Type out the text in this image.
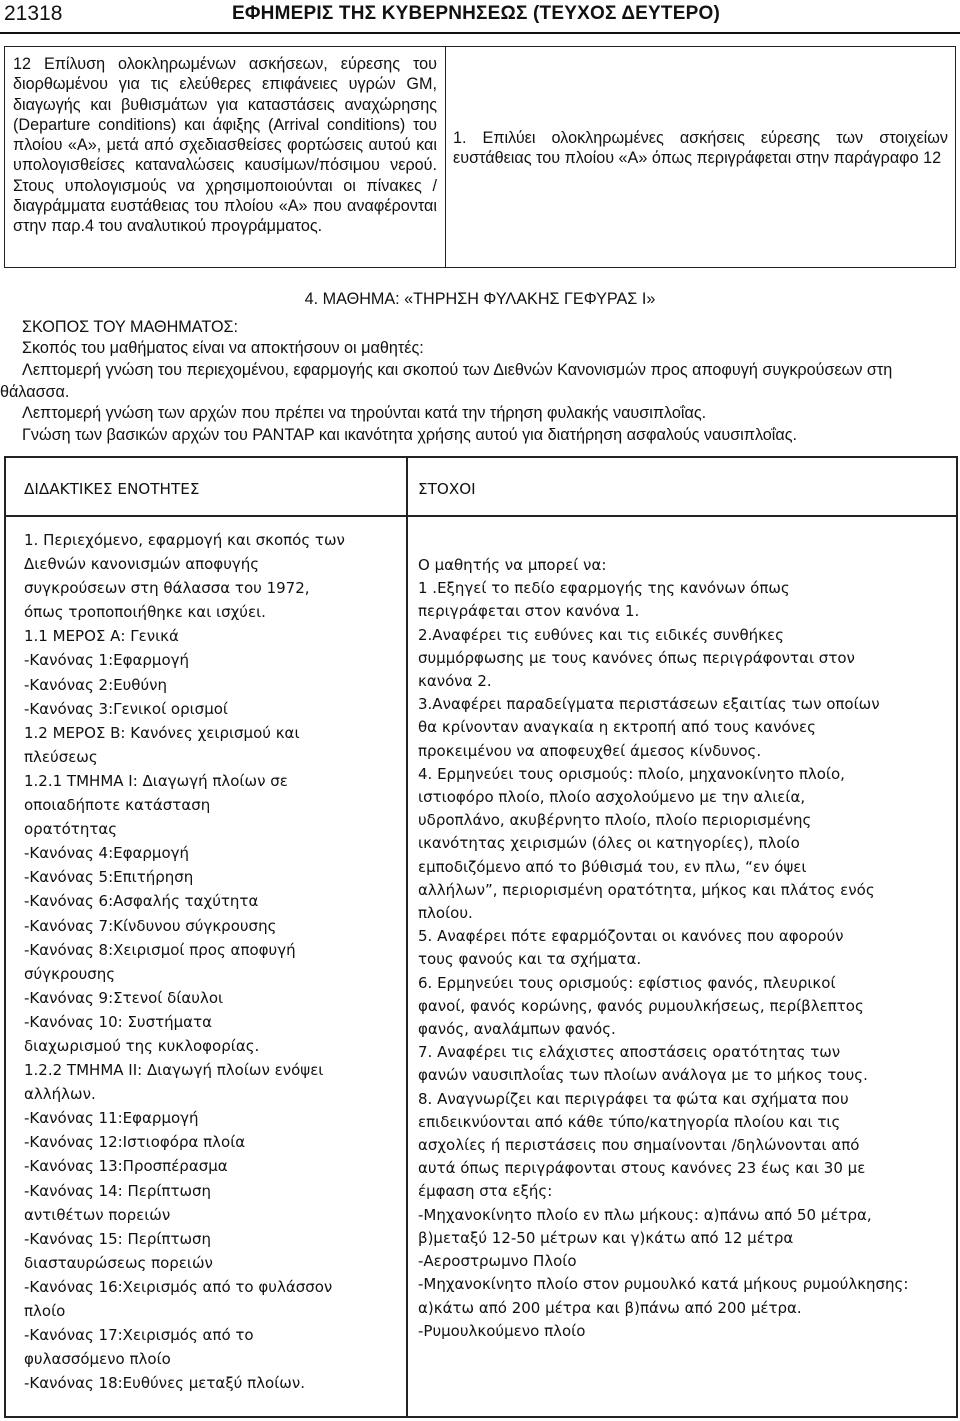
21318	ΕΦΗΜΕΡΙΣ ΤΗΣ ΚΥΒΕΡΝΗΣΕΩΣ (ΤΕΥΧΟΣ ΔΕΥΤΕΡΟ)

12 Επίλυση ολοκληρωμένων ασκήσεων, εύρεσης του διορθωμένου για τις ελεύθερες επιφάνειες υγρών GM, διαγωγής και βυθισμάτων για καταστάσεις αναχώρησης (Departure conditions) και άφιξης (Arrival conditions) του πλοίου «Α», μετά από σχεδιασθείσες φορτώσεις αυτού και υπολογισθείσες καταναλώσεις καυσίμων/πόσιμου νερού. Στους υπολογισμούς να χρησιμοποιούνται οι πίνακες / διαγράμματα ευστάθειας του πλοίου «Α» που αναφέρονται στην παρ.4 του αναλυτικού προγράμματος.

1. Επιλύει ολοκληρωμένες ασκήσεις εύρεσης των στοιχείων ευστάθειας του πλοίου «Α» όπως περιγράφεται στην παράγραφο 12

4. ΜΑΘΗΜΑ: «ΤΗΡΗΣΗ ΦΥΛΑΚΗΣ ΓΕΦΥΡΑΣ Ι»
ΣΚΟΠΟΣ ΤΟΥ ΜΑΘΗΜΑΤΟΣ:

Σκοπός του μαθήματος είναι να αποκτήσουν οι μαθητές:

Λεπτομερή γνώση του περιεχομένου, εφαρμογής και σκοπού των Διεθνών Κανονισμών προς αποφυγή συγκρούσεων στη θάλασσα.

Λεπτομερή γνώση των αρχών που πρέπει να τηρούνται κατά την τήρηση φυλακής ναυσιπλοΐας.

Γνώση των βασικών αρχών του ΡΑΝΤΑΡ και ικανότητα χρήσης αυτού για διατήρηση ασφαλούς ναυσιπλοΐας.

ΔΙΔΑΚΤΙΚΕΣ ΕΝΟΤΗΤΕΣ	ΣΤΟΧΟΙ
1. Περιεχόμενο, εφαρμογή και σκοπός των
Διεθνών κανονισμών αποφυγής
συγκρούσεων στη θάλασσα του 1972,
όπως τροποποιήθηκε και ισχύει.
1.1 ΜΕΡΟΣ Α: Γενικά
-Κανόνας 1:Εφαρμογή
-Κανόνας 2:Ευθύνη
-Κανόνας 3:Γενικοί ορισμοί
1.2 ΜΕΡΟΣ Β: Κανόνες χειρισμού και
πλεύσεως
1.2.1 ΤΜΗΜΑ Ι: Διαγωγή πλοίων σε
οποιαδήποτε κατάσταση
ορατότητας
-Κανόνας 4:Εφαρμογή
-Κανόνας 5:Επιτήρηση
-Κανόνας 6:Ασφαλής ταχύτητα
-Κανόνας 7:Κίνδυνου σύγκρουσης
-Κανόνας 8:Χειρισμοί προς αποφυγή
σύγκρουσης
-Κανόνας 9:Στενοί δίαυλοι
-Κανόνας 10: Συστήματα
διαχωρισμού της κυκλοφορίας.
1.2.2 ΤΜΗΜΑ ΙΙ: Διαγωγή πλοίων ενόψει
αλλήλων.
-Κανόνας 11:Εφαρμογή
-Κανόνας 12:Ιστιοφόρα πλοία
-Κανόνας 13:Προσπέρασμα
-Κανόνας 14: Περίπτωση
αντιθέτων πορειών
-Κανόνας 15: Περίπτωση
διασταυρώσεως πορειών
-Κανόνας 16:Χειρισμός από το φυλάσσον
πλοίο
-Κανόνας 17:Χειρισμός από το
φυλασσόμενο πλοίο
-Κανόνας 18:Ευθύνες μεταξύ πλοίων.
Ο μαθητής να μπορεί να:
1 .Εξηγεί το πεδίο εφαρμογής της κανόνων όπως
περιγράφεται στον κανόνα 1.
2.Αναφέρει τις ευθύνες και τις ειδικές συνθήκες
συμμόρφωσης με τους κανόνες όπως περιγράφονται στον
κανόνα 2.
3.Αναφέρει παραδείγματα περιστάσεων εξαιτίας των οποίων
θα κρίνονταν αναγκαία η εκτροπή από τους κανόνες
προκειμένου να αποφευχθεί άμεσος κίνδυνος.
4. Ερμηνεύει τους ορισμούς: πλοίο, μηχανοκίνητο πλοίο,
ιστιοφόρο πλοίο, πλοίο ασχολούμενο με την αλιεία,
υδροπλάνο, ακυβέρνητο πλοίο, πλοίο περιορισμένης
ικανότητας χειρισμών (όλες οι κατηγορίες), πλοίο
εμποδιζόμενο από το βύθισμά του, εν πλω, “εν όψει
αλλήλων”, περιορισμένη ορατότητα, μήκος και πλάτος ενός
πλοίου.
5. Αναφέρει πότε εφαρμόζονται οι κανόνες που αφορούν
τους φανούς και τα σχήματα.
6. Ερμηνεύει τους ορισμούς: εφίστιος φανός, πλευρικοί
φανοί, φανός κορώνης, φανός ρυμουλκήσεως, περίβλεπτος
φανός, αναλάμπων φανός.
7. Αναφέρει τις ελάχιστες αποστάσεις ορατότητας των
φανών ναυσιπλοΐας των πλοίων ανάλογα με το μήκος τους.
8. Αναγνωρίζει και περιγράφει τα φώτα και σχήματα που
επιδεικνύονται από κάθε τύπο/κατηγορία πλοίου και τις
ασχολίες ή περιστάσεις που σημαίνονται /δηλώνονται από
αυτά όπως περιγράφονται στους κανόνες 23 έως και 30 με
έμφαση στα εξής:
-Μηχανοκίνητο πλοίο εν πλω μήκους: α)πάνω από 50 μέτρα,
β)μεταξύ 12-50 μέτρων και γ)κάτω από 12 μέτρα
-Αεροστρωμνο Πλοίο
-Μηχανοκίνητο πλοίο στον ρυμουλκό κατά μήκους ρυμούλκησης:
α)κάτω από 200 μέτρα και β)πάνω από 200 μέτρα.
-Ρυμουλκούμενο πλοίο
